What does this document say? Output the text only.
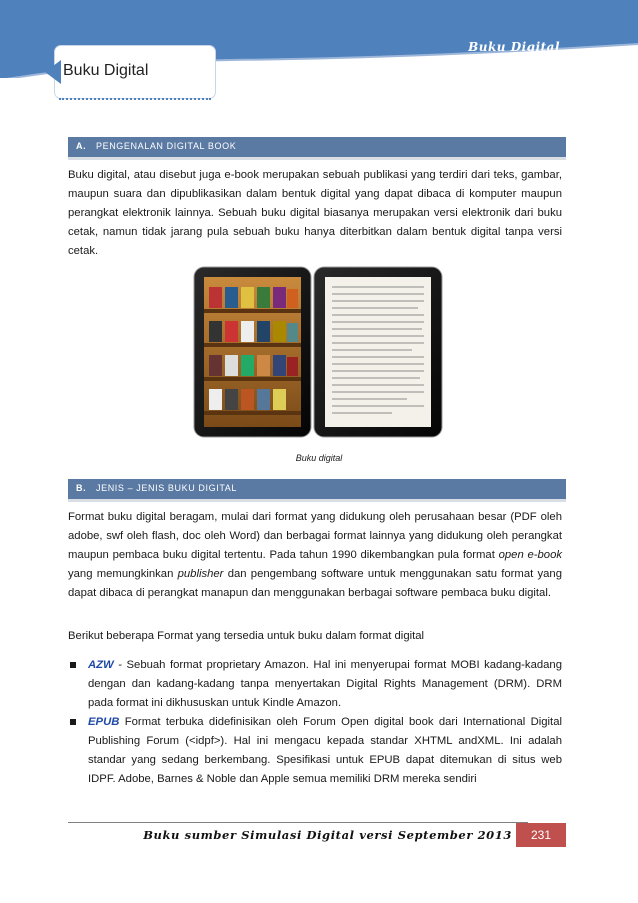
Buku Digital
Buku Digital
A. PENGENALAN DIGITAL BOOK

Buku digital, atau disebut juga e-book merupakan sebuah publikasi yang terdiri dari teks, gambar, maupun suara dan dipublikasikan dalam bentuk digital yang dapat dibaca di komputer maupun perangkat elektronik lainnya. Sebuah buku digital biasanya merupakan versi elektronik dari buku cetak, namun tidak jarang pula sebuah buku hanya diterbitkan dalam bentuk digital tanpa versi cetak.

Buku digital
B. JENIS – JENIS BUKU DIGITAL

Format buku digital beragam, mulai dari format yang didukung oleh perusahaan besar (PDF oleh adobe, swf oleh flash, doc oleh Word) dan berbagai format lainnya yang didukung oleh perangkat maupun pembaca buku digital tertentu. Pada tahun 1990 dikembangkan pula format open e-book yang memungkinkan publisher dan pengembang software untuk menggunakan satu format yang dapat dibaca di perangkat manapun dan menggunakan berbagai software pembaca buku digital.

Berikut beberapa Format yang tersedia untuk buku dalam format digital

AZW - Sebuah format proprietary Amazon. Hal ini menyerupai format MOBI kadang-kadang dengan dan kadang-kadang tanpa menyertakan Digital Rights Management (DRM). DRM pada format ini dikhususkan untuk Kindle Amazon.
EPUB Format terbuka didefinisikan oleh Forum Open digital book dari International Digital Publishing Forum (<idpf>). Hal ini mengacu kepada standar XHTML andXML. Ini adalah standar yang sedang berkembang. Spesifikasi untuk EPUB dapat ditemukan di situs web IDPF. Adobe, Barnes & Noble dan Apple semua memiliki DRM mereka sendiri
Buku sumber Simulasi Digital versi September 2013	231
